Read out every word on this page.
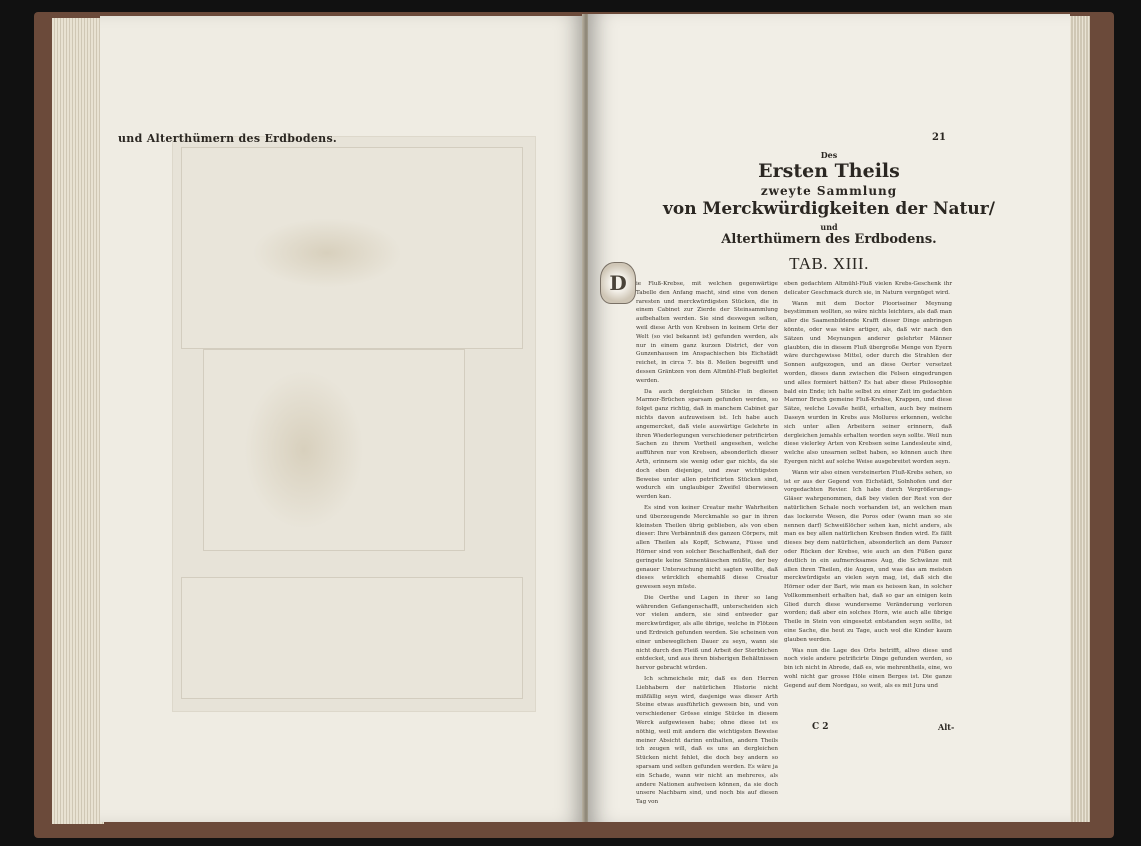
und Alterthümern des Erdbodens.	21
Des
Ersten Theils
zweyte Sammlung
von Merckwürdigkeiten der Natur/
und
Alterthümern des Erdbodens.
TAB. XIII.
D	ie Fluß-Krebse, mit welchen gegenwärtige Tabelle den Anfang macht, sind eine von denen raresten und merckwürdigsten Stücken, die in einem Cabinet zur Zierde der Steinsammlung aufbehalten werden. Sie sind deswegen selten, weil diese Arth von Krebsen in keinem Orte der Welt (so viel bekannt ist) gefunden werden, als nur in einem ganz kurzen District, der von Gunzenhausen im Anspachischen bis Eichstädt reichet, in circa 7. bis 8. Meilen begreifft und dessen Gräntzen von dem Altmühl-Fluß begleitet werden.

Da auch dergleichen Stücke in diesen Marmor-Brüchen sparsam gefunden werden, so folget ganz richtig, daß in manchem Cabinet gar nichts davon aufzuweisen ist. Ich habe auch angemercket, daß viele auswärtige Gelehrte in ihren Wiederlegungen verschiedener petrificirten Sachen zu ihrem Vortheil angesehen, welche aufführen nur von Krebsen, absonderlich dieser Arth, erinnern sie wenig oder gar nichts, da sie doch eben diejenige, und zwar wichtigsten Beweise unter allen petrificirten Stücken sind, wodurch ein unglaubiger Zweifel überwiesen werden kan.

Es sind von keiner Creatur mehr Wahrheiten und überzeugende Merckmahle so gar in ihren kleinsten Theilen übrig geblieben, als von eben dieser: Ihre Verbänntniß des ganzen Cörpers, mit allen Theilen als Kopff, Schwanz, Füsse und Hörner sind von solcher Beschaffenheit, daß der geringste keine Sinnentäuschen müßte, der bey genauer Untersuchung nicht sagten wollte, daß dieses würcklich ehemahlß diese Creatur gewesen seyn müste.

Die Oerthe und Lagen in ihrer so lang währenden Gefangenschafft, unterscheiden sich vor vielen andern, sie sind entweder gar merckwürdiger, als alle übrige, welche in Flötzen und Erdreich gefunden werden. Sie scheinen von einer unbeweglichen Dauer zu seyn, wann sie nicht durch den Fleiß und Arbeit der Sterblichen entdecket, und aus ihren bisherigen Behältnissen hervor gebracht würden.

Ich schmeichele mir, daß es den Herren Liebhabern der natürlichen Historie nicht mißfällig seyn wird, dasjenige was dieser Arth Steine etwas ausführlich gewesen bin, und von verschiedener Grösse einige Stücke in diesem Werck aufgewiesen habe; ohne diese ist es nöthig, weil mit andern die wichtigsten Beweise meiner Absicht darinn enthalten, andern Theils ich zeugen will, daß es uns an dergleichen Stücken nicht fehlet, die doch bey andern so sparsam und selten gefunden werden. Es wäre ja ein Schade, wann wir nicht an mehreres, als andere Nationen aufweisen können, da sie doch unsere Nachbarn sind, und noch bis auf diesen Tag von

eben gedachtem Altmühl-Fluß vielen Krebs-Geschenk ihr delicater Geschmack durch sie, in Naturn vergnüget wird.

Wann mit dem Doctor Plooriseiner Meynung beystimmen wollten, so wäre nichts leichters, als daß man aller die Saamenbildende Krafft dieser Dinge anbringen könnte, oder was wäre artiger, als, daß wir nach den Sätzen und Meynungen anderer gelehrter Männer glaubten, die in diesem Fluß übergroße Menge von Eyern wäre durchgewisse Mittel, oder durch die Strahlen der Sonnen aufgezogen, und an diese Oerter versetzet worden, dieses dann zwischen die Felsen eingedrungen und alles formiert hätten? Es hat aber diese Philosophie bald ein Ende; ich halte selbst zu einer Zeit im gedachten Marmor Bruch gemeine Fluß-Krebse, Krappen, und diese Sätze, welche Lovaße heißt, erhalten, auch bey meinem Daseyn wurden in Krebs aus Mollures erkennen, welche sich unter allen Arbeitern seiner erinnern, daß dergleichen jemahls erhalten worden seyn sollte. Weil nun diese vielerley Arten von Krebsen seine Landesleute sind, welche also unsarnen selbst haben, so können auch ihre Eyergen nicht auf solche Weise ausgebreitet worden seyn.

Wann wir also einen versteinerten Fluß-Krebs sehen, so ist er aus der Gegend von Eichstädt, Solnhofen und der vorgedachten Revier. Ich habe durch Vergrößerungs-Gläser wahrgenommen, daß bey vielen der Rest von der natürlichen Schale noch vorhanden ist, an welchen man das lockerste Wesen, die Poros oder (wann man so sie nennen darf) Schweißlöcher sehen kan, nicht anders, als man es bey allen natürlichen Krebsen finden wird. Es fällt dieses bey dem natürlichen, absonderlich an dem Panzer oder Rücken der Krebse, wie auch an den Füßen ganz deutlich in ein aufmercksames Aug, die Schwänze mit allen ihren Theilen, die Augen, und was das am meisten merckwürdigste an vielen seyn mag, ist, daß sich die Hörner oder der Bart, wie man es heissen kan, in solcher Vollkommenheit erhalten hat, daß so gar an einigen kein Glied durch diese wunderseme Veränderung verloren worden; daß aber ein solches Horn, wie auch alle übrige Theile in Stein von eingesetzt entstanden seyn sollte, ist eine Sache, die heut zu Tage, auch wol die Kinder kaum glauben werden.

Was nun die Lage des Orts betrifft, allwo diese und noch viele andere petrificirte Dinge gefunden werden, so bin ich nicht in Abrede, daß es, wie mehrentheils, eine, wo wohl nicht gar grosse Höle einen Berges ist. Die ganze Gegend auf dem Nordgau, so weit, als es mit Jura und

C 2	Alt-
